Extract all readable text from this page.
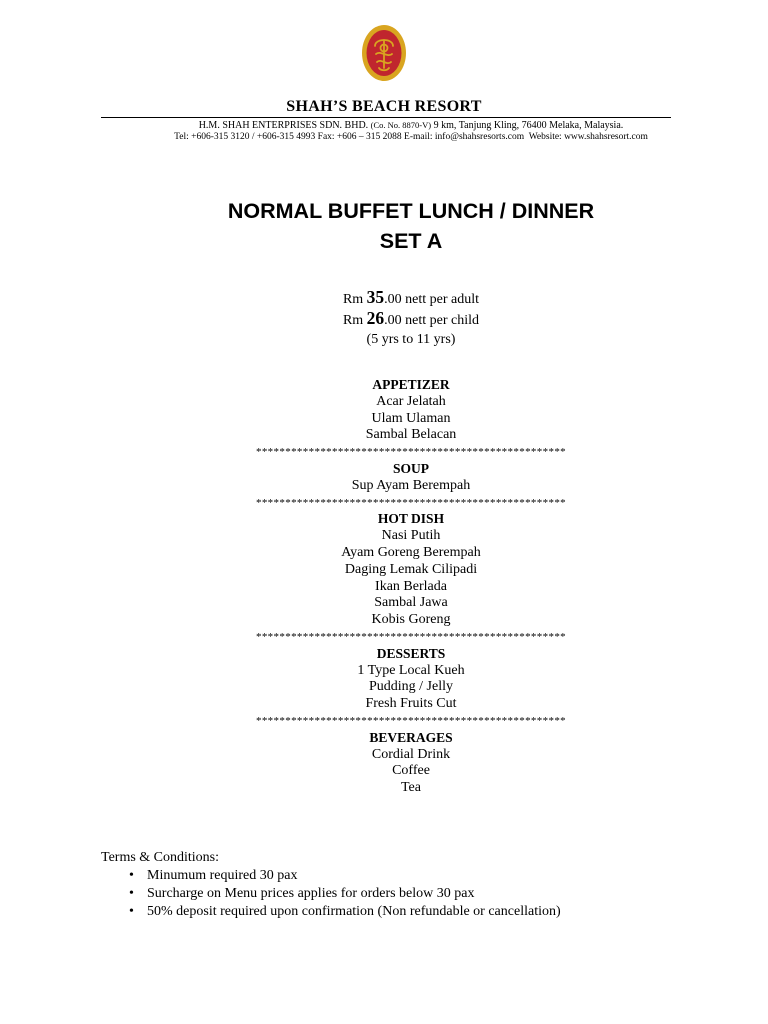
SHAH’S BEACH RESORT
H.M. SHAH ENTERPRISES SDN. BHD. (Co. No. 8870-V) 9 km, Tanjung Kling, 76400 Melaka, Malaysia.
Tel: +606-315 3120 / +606-315 4993 Fax: +606 – 315 2088 E-mail: info@shahsresorts.com  Website: www.shahsresort.com
NORMAL BUFFET LUNCH / DINNER
SET A
Rm 35.00 nett per adult
Rm 26.00 nett per child
(5 yrs to 11 yrs)
APPETIZER
Acar Jelatah
Ulam Ulaman
Sambal Belacan
*****************************************************
SOUP
Sup Ayam Berempah
*****************************************************
HOT DISH
Nasi Putih
Ayam Goreng Berempah
Daging Lemak Cilipadi
Ikan Berlada
Sambal Jawa
Kobis Goreng
*****************************************************
DESSERTS
1 Type Local Kueh
Pudding / Jelly
Fresh Fruits Cut
*****************************************************
BEVERAGES
Cordial Drink
Coffee
Tea
Terms & Conditions:
• Minumum required 30 pax
• Surcharge on Menu prices applies for orders below 30 pax
• 50% deposit required upon confirmation (Non refundable or cancellation)
